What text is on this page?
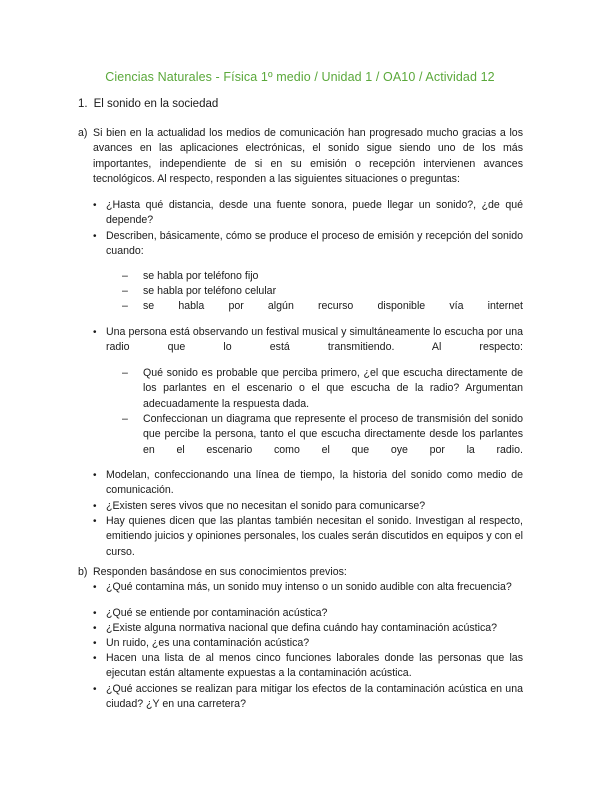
Ciencias Naturales - Física 1º medio / Unidad 1 / OA10 / Actividad 12
1. El sonido en la sociedad
a) Si bien en la actualidad los medios de comunicación han progresado mucho gracias a los avances en las aplicaciones electrónicas, el sonido sigue siendo uno de los más importantes, independiente de si en su emisión o recepción intervienen avances tecnológicos. Al respecto, responden a las siguientes situaciones o preguntas:
• ¿Hasta qué distancia, desde una fuente sonora, puede llegar un sonido?, ¿de qué depende?
• Describen, básicamente, cómo se produce el proceso de emisión y recepción del sonido cuando:
– se habla por teléfono fijo
– se habla por teléfono celular
– se habla por algún recurso disponible vía internet
• Una persona está observando un festival musical y simultáneamente lo escucha por una radio que lo está transmitiendo. Al respecto:
– Qué sonido es probable que perciba primero, ¿el que escucha directamente de los parlantes en el escenario o el que escucha de la radio? Argumentan adecuadamente la respuesta dada.
– Confeccionan un diagrama que represente el proceso de transmisión del sonido que percibe la persona, tanto el que escucha directamente desde los parlantes en el escenario como el que oye por la radio.
• Modelan, confeccionando una línea de tiempo, la historia del sonido como medio de comunicación.
• ¿Existen seres vivos que no necesitan el sonido para comunicarse?
• Hay quienes dicen que las plantas también necesitan el sonido. Investigan al respecto, emitiendo juicios y opiniones personales, los cuales serán discutidos en equipos y con el curso.
b) Responden basándose en sus conocimientos previos:
• ¿Qué contamina más, un sonido muy intenso o un sonido audible con alta frecuencia?
• ¿Qué se entiende por contaminación acústica?
• ¿Existe alguna normativa nacional que defina cuándo hay contaminación acústica?
• Un ruido, ¿es una contaminación acústica?
• Hacen una lista de al menos cinco funciones laborales donde las personas que las ejecutan están altamente expuestas a la contaminación acústica.
• ¿Qué acciones se realizan para mitigar los efectos de la contaminación acústica en una ciudad? ¿Y en una carretera?
